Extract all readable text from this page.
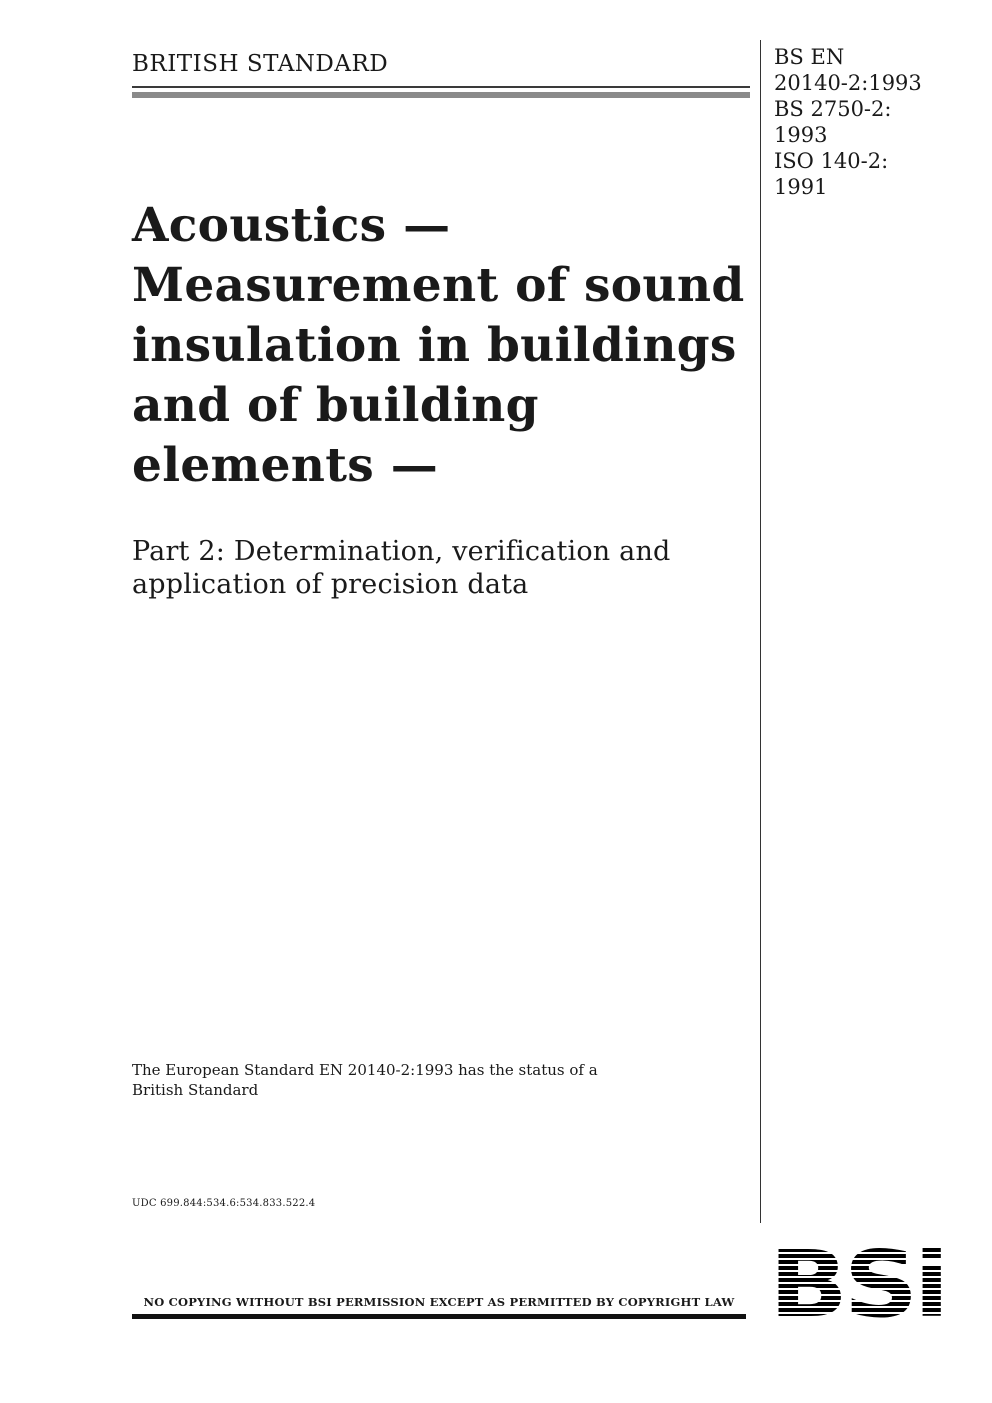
BRITISH STANDARD	BS EN
20140-2:1993
BS 2750-2:
1993
ISO 140-2:
1991
Acoustics —
Measurement of sound
insulation in buildings
and of building
elements —
Part 2: Determination, verification and
application of precision data
The European Standard EN 20140-2:1993 has the status of a
British Standard
UDC 699.844:534.6:534.833.522.4
NO COPYING WITHOUT BSI PERMISSION EXCEPT AS PERMITTED BY COPYRIGHT LAW
